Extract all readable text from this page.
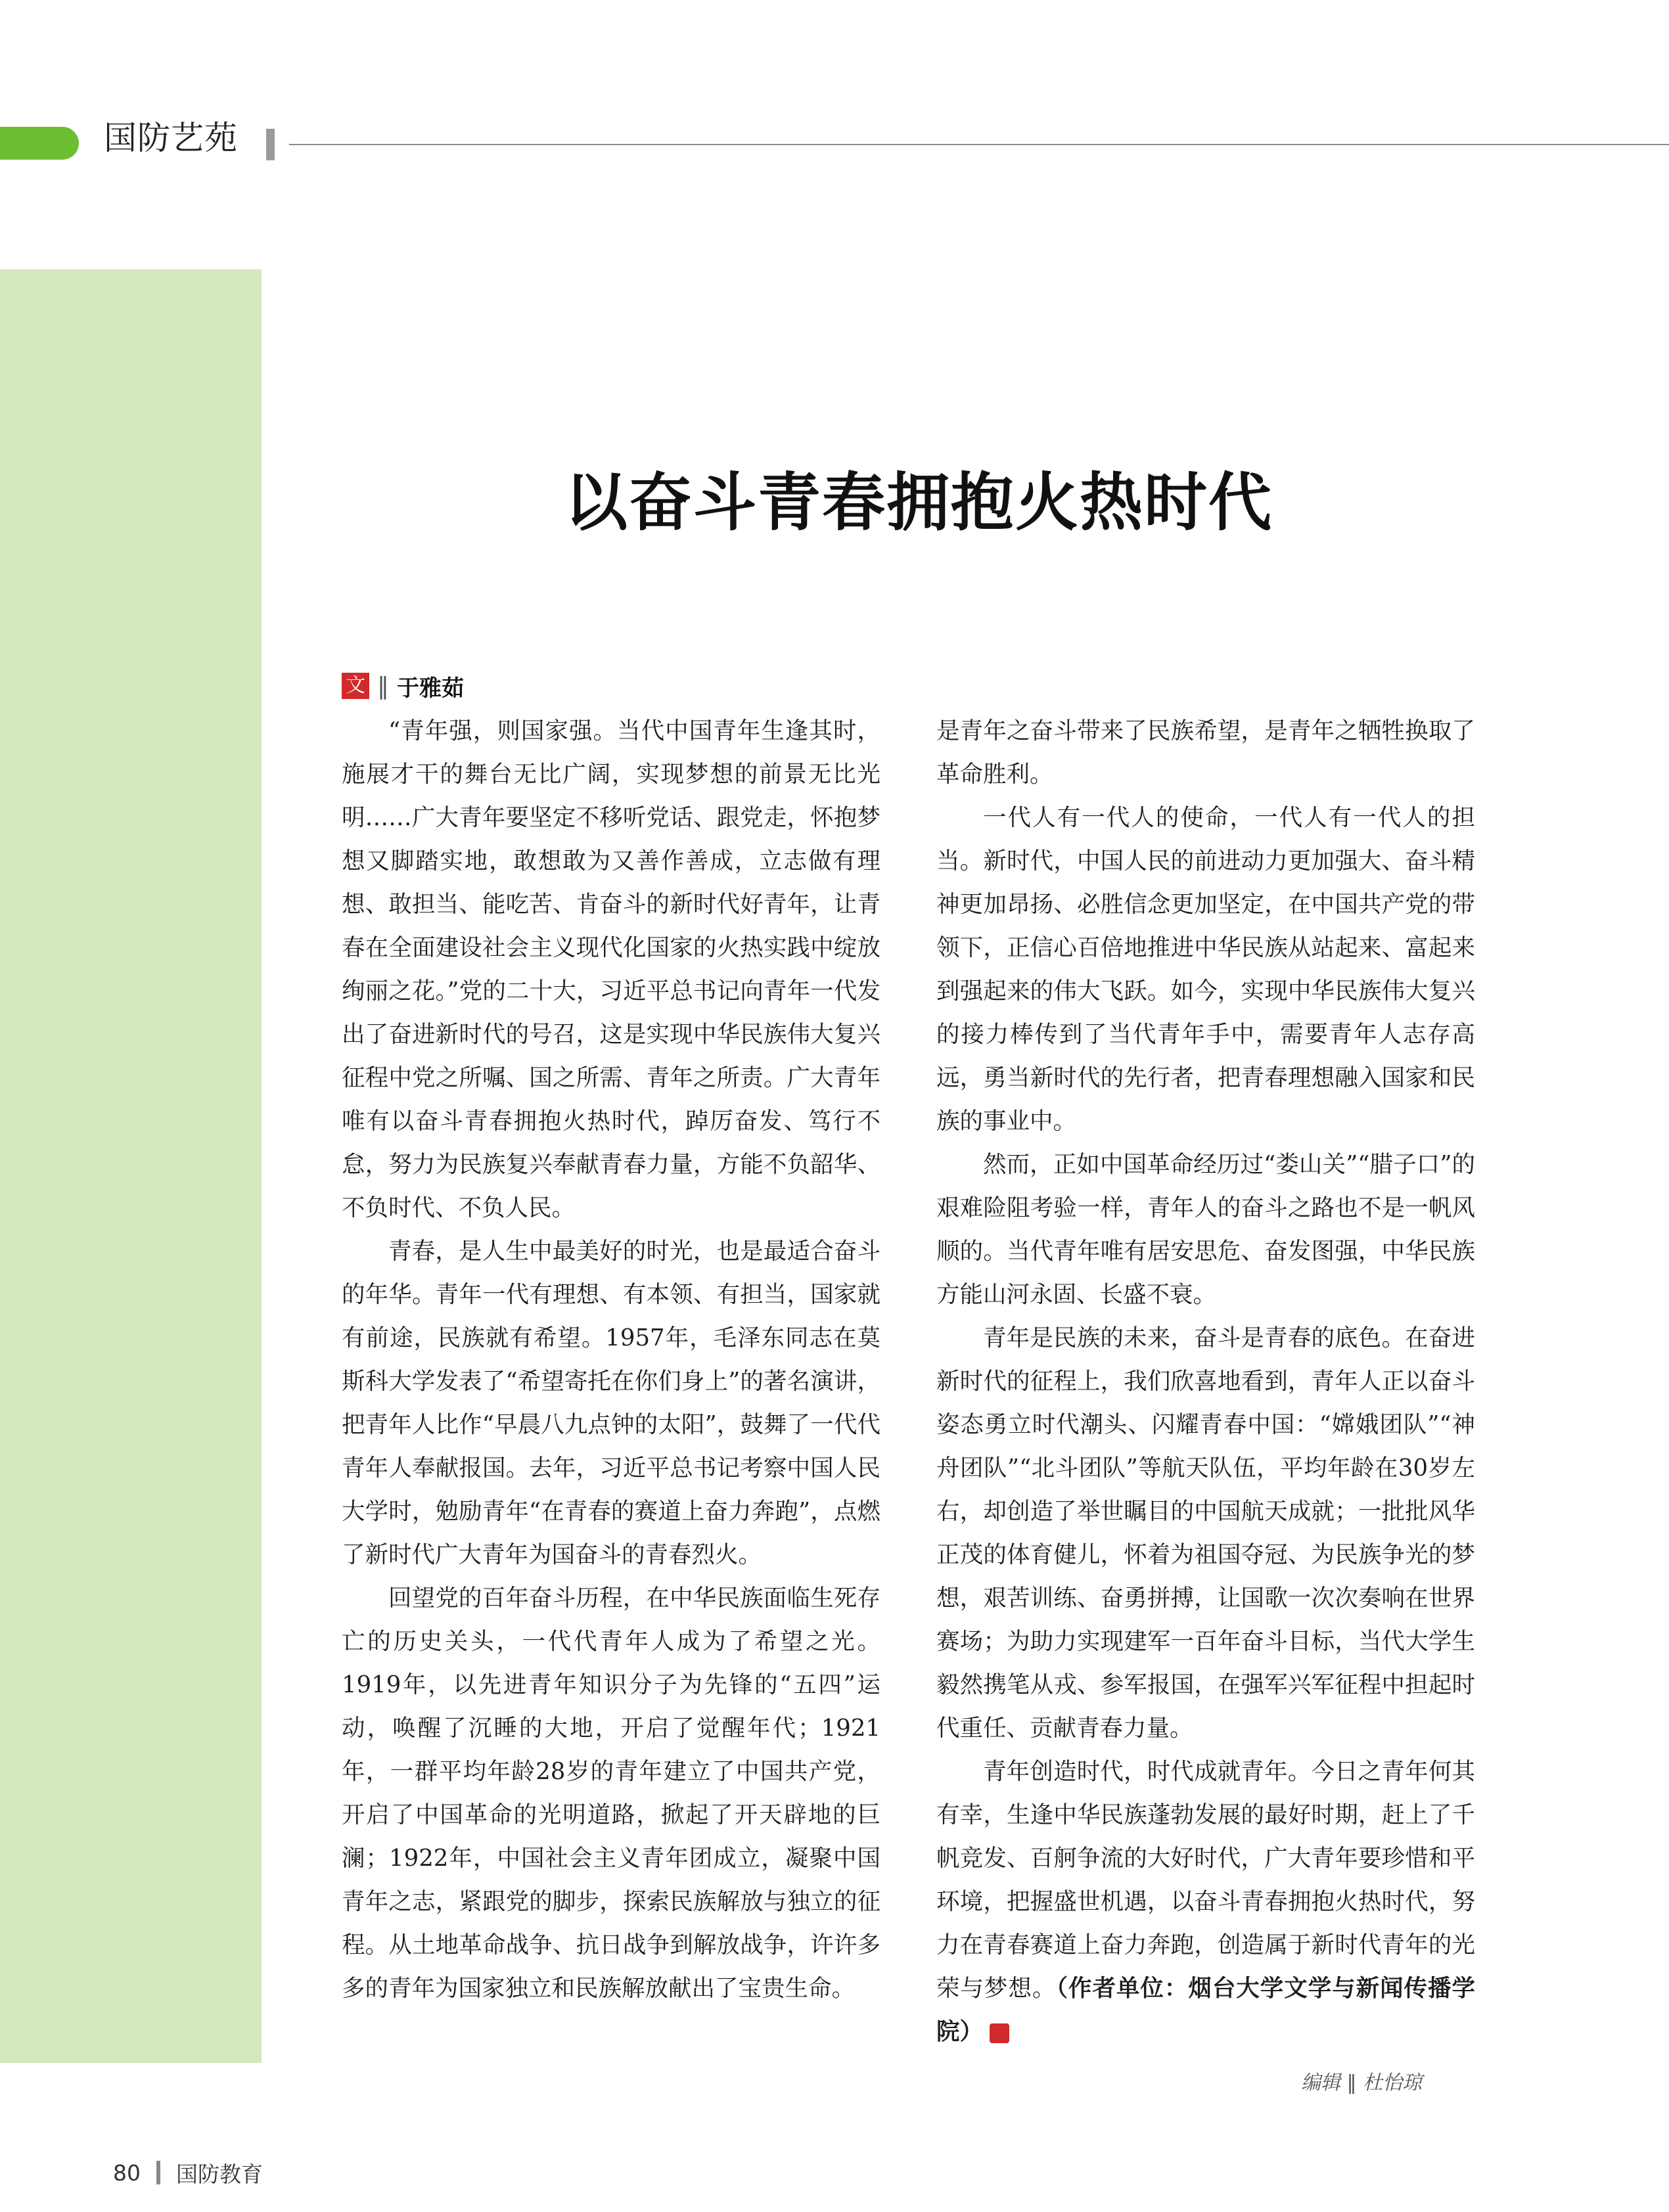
国防艺苑
以奋斗青春拥抱火热时代
文 ‖ 于雅茹

“青年强，则国家强。当代中国青年生逢其时，施展才干的舞台无比广阔，实现梦想的前景无比光明……广大青年要坚定不移听党话、跟党走，怀抱梦想又脚踏实地，敢想敢为又善作善成，立志做有理想、敢担当、能吃苦、肯奋斗的新时代好青年，让青春在全面建设社会主义现代化国家的火热实践中绽放绚丽之花。”党的二十大，习近平总书记向青年一代发出了奋进新时代的号召，这是实现中华民族伟大复兴征程中党之所嘱、国之所需、青年之所责。广大青年唯有以奋斗青春拥抱火热时代，踔厉奋发、笃行不怠，努力为民族复兴奉献青春力量，方能不负韶华、不负时代、不负人民。

青春，是人生中最美好的时光，也是最适合奋斗的年华。青年一代有理想、有本领、有担当，国家就有前途，民族就有希望。1957年，毛泽东同志在莫斯科大学发表了“希望寄托在你们身上”的著名演讲，把青年人比作“早晨八九点钟的太阳”，鼓舞了一代代青年人奉献报国。去年，习近平总书记考察中国人民大学时，勉励青年“在青春的赛道上奋力奔跑”，点燃了新时代广大青年为国奋斗的青春烈火。

回望党的百年奋斗历程，在中华民族面临生死存亡的历史关头，一代代青年人成为了希望之光。1919年，以先进青年知识分子为先锋的“五四”运动，唤醒了沉睡的大地，开启了觉醒年代；1921年，一群平均年龄28岁的青年建立了中国共产党，开启了中国革命的光明道路，掀起了开天辟地的巨澜；1922年，中国社会主义青年团成立，凝聚中国青年之志，紧跟党的脚步，探索民族解放与独立的征程。从土地革命战争、抗日战争到解放战争，许许多多的青年为国家独立和民族解放献出了宝贵生命。

是青年之奋斗带来了民族希望，是青年之牺牲换取了革命胜利。

一代人有一代人的使命，一代人有一代人的担当。新时代，中国人民的前进动力更加强大、奋斗精神更加昂扬、必胜信念更加坚定，在中国共产党的带领下，正信心百倍地推进中华民族从站起来、富起来到强起来的伟大飞跃。如今，实现中华民族伟大复兴的接力棒传到了当代青年手中，需要青年人志存高远，勇当新时代的先行者，把青春理想融入国家和民族的事业中。

然而，正如中国革命经历过“娄山关”“腊子口”的艰难险阻考验一样，青年人的奋斗之路也不是一帆风顺的。当代青年唯有居安思危、奋发图强，中华民族方能山河永固、长盛不衰。

青年是民族的未来，奋斗是青春的底色。在奋进新时代的征程上，我们欣喜地看到，青年人正以奋斗姿态勇立时代潮头、闪耀青春中国：“嫦娥团队”“神舟团队”“北斗团队”等航天队伍，平均年龄在30岁左右，却创造了举世瞩目的中国航天成就；一批批风华正茂的体育健儿，怀着为祖国夺冠、为民族争光的梦想，艰苦训练、奋勇拼搏，让国歌一次次奏响在世界赛场；为助力实现建军一百年奋斗目标，当代大学生毅然携笔从戎、参军报国，在强军兴军征程中担起时代重任、贡献青春力量。

青年创造时代，时代成就青年。今日之青年何其有幸，生逢中华民族蓬勃发展的最好时期，赶上了千帆竞发、百舸争流的大好时代，广大青年要珍惜和平环境，把握盛世机遇，以奋斗青春拥抱火热时代，努力在青春赛道上奋力奔跑，创造属于新时代青年的光荣与梦想。（作者单位：烟台大学文学与新闻传播学院）	G

编辑 ‖ 杜怡琼
80 国防教育
